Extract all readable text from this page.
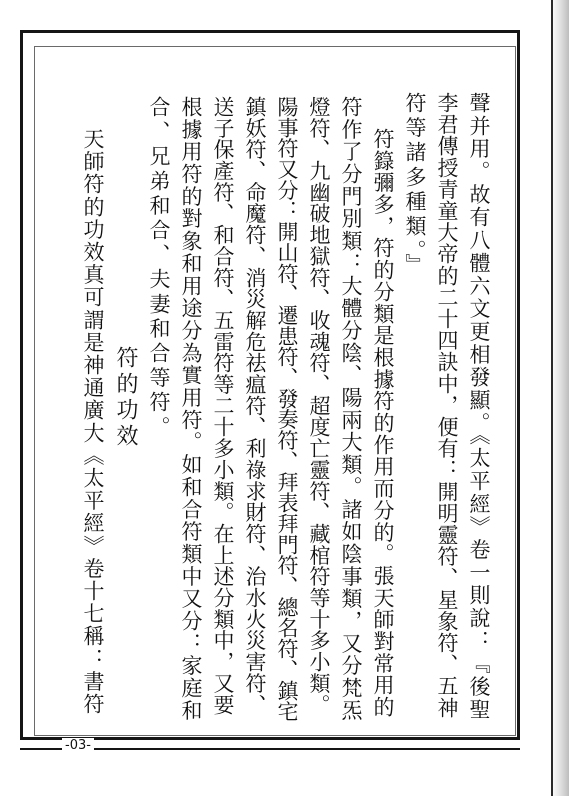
聲并用。故有八體六文更相發顯。《太平經》卷一則說：『後聖
李君傳授青童大帝的二十四訣中，便有：開明靈符、星象符、五神
符等諸多種類。』
符籙彌多，符的分類是根據符的作用而分的。張天師對常用的
符作了分門別類：大體分陰、陽兩大類。諸如陰事類，又分梵炁
燈符、九幽破地獄符、收魂符、超度亡靈符、藏棺符等十多小類。
陽事符又分：開山符、遷患符、發奏符、拜表拜門符、總名符、鎮宅
鎮妖符、命魔符、消災解危祛瘟符、利祿求財符、治水火災害符、
送子保產符、和合符、五雷符等二十多小類。在上述分類中，又要
根據用符的對象和用途分為實用符。如和合符類中又分：家庭和
合、兄弟和合、夫妻和合等符。
符的功效
天師符的功效真可謂是神通廣大《太平經》卷十七稱：書符
-03-
